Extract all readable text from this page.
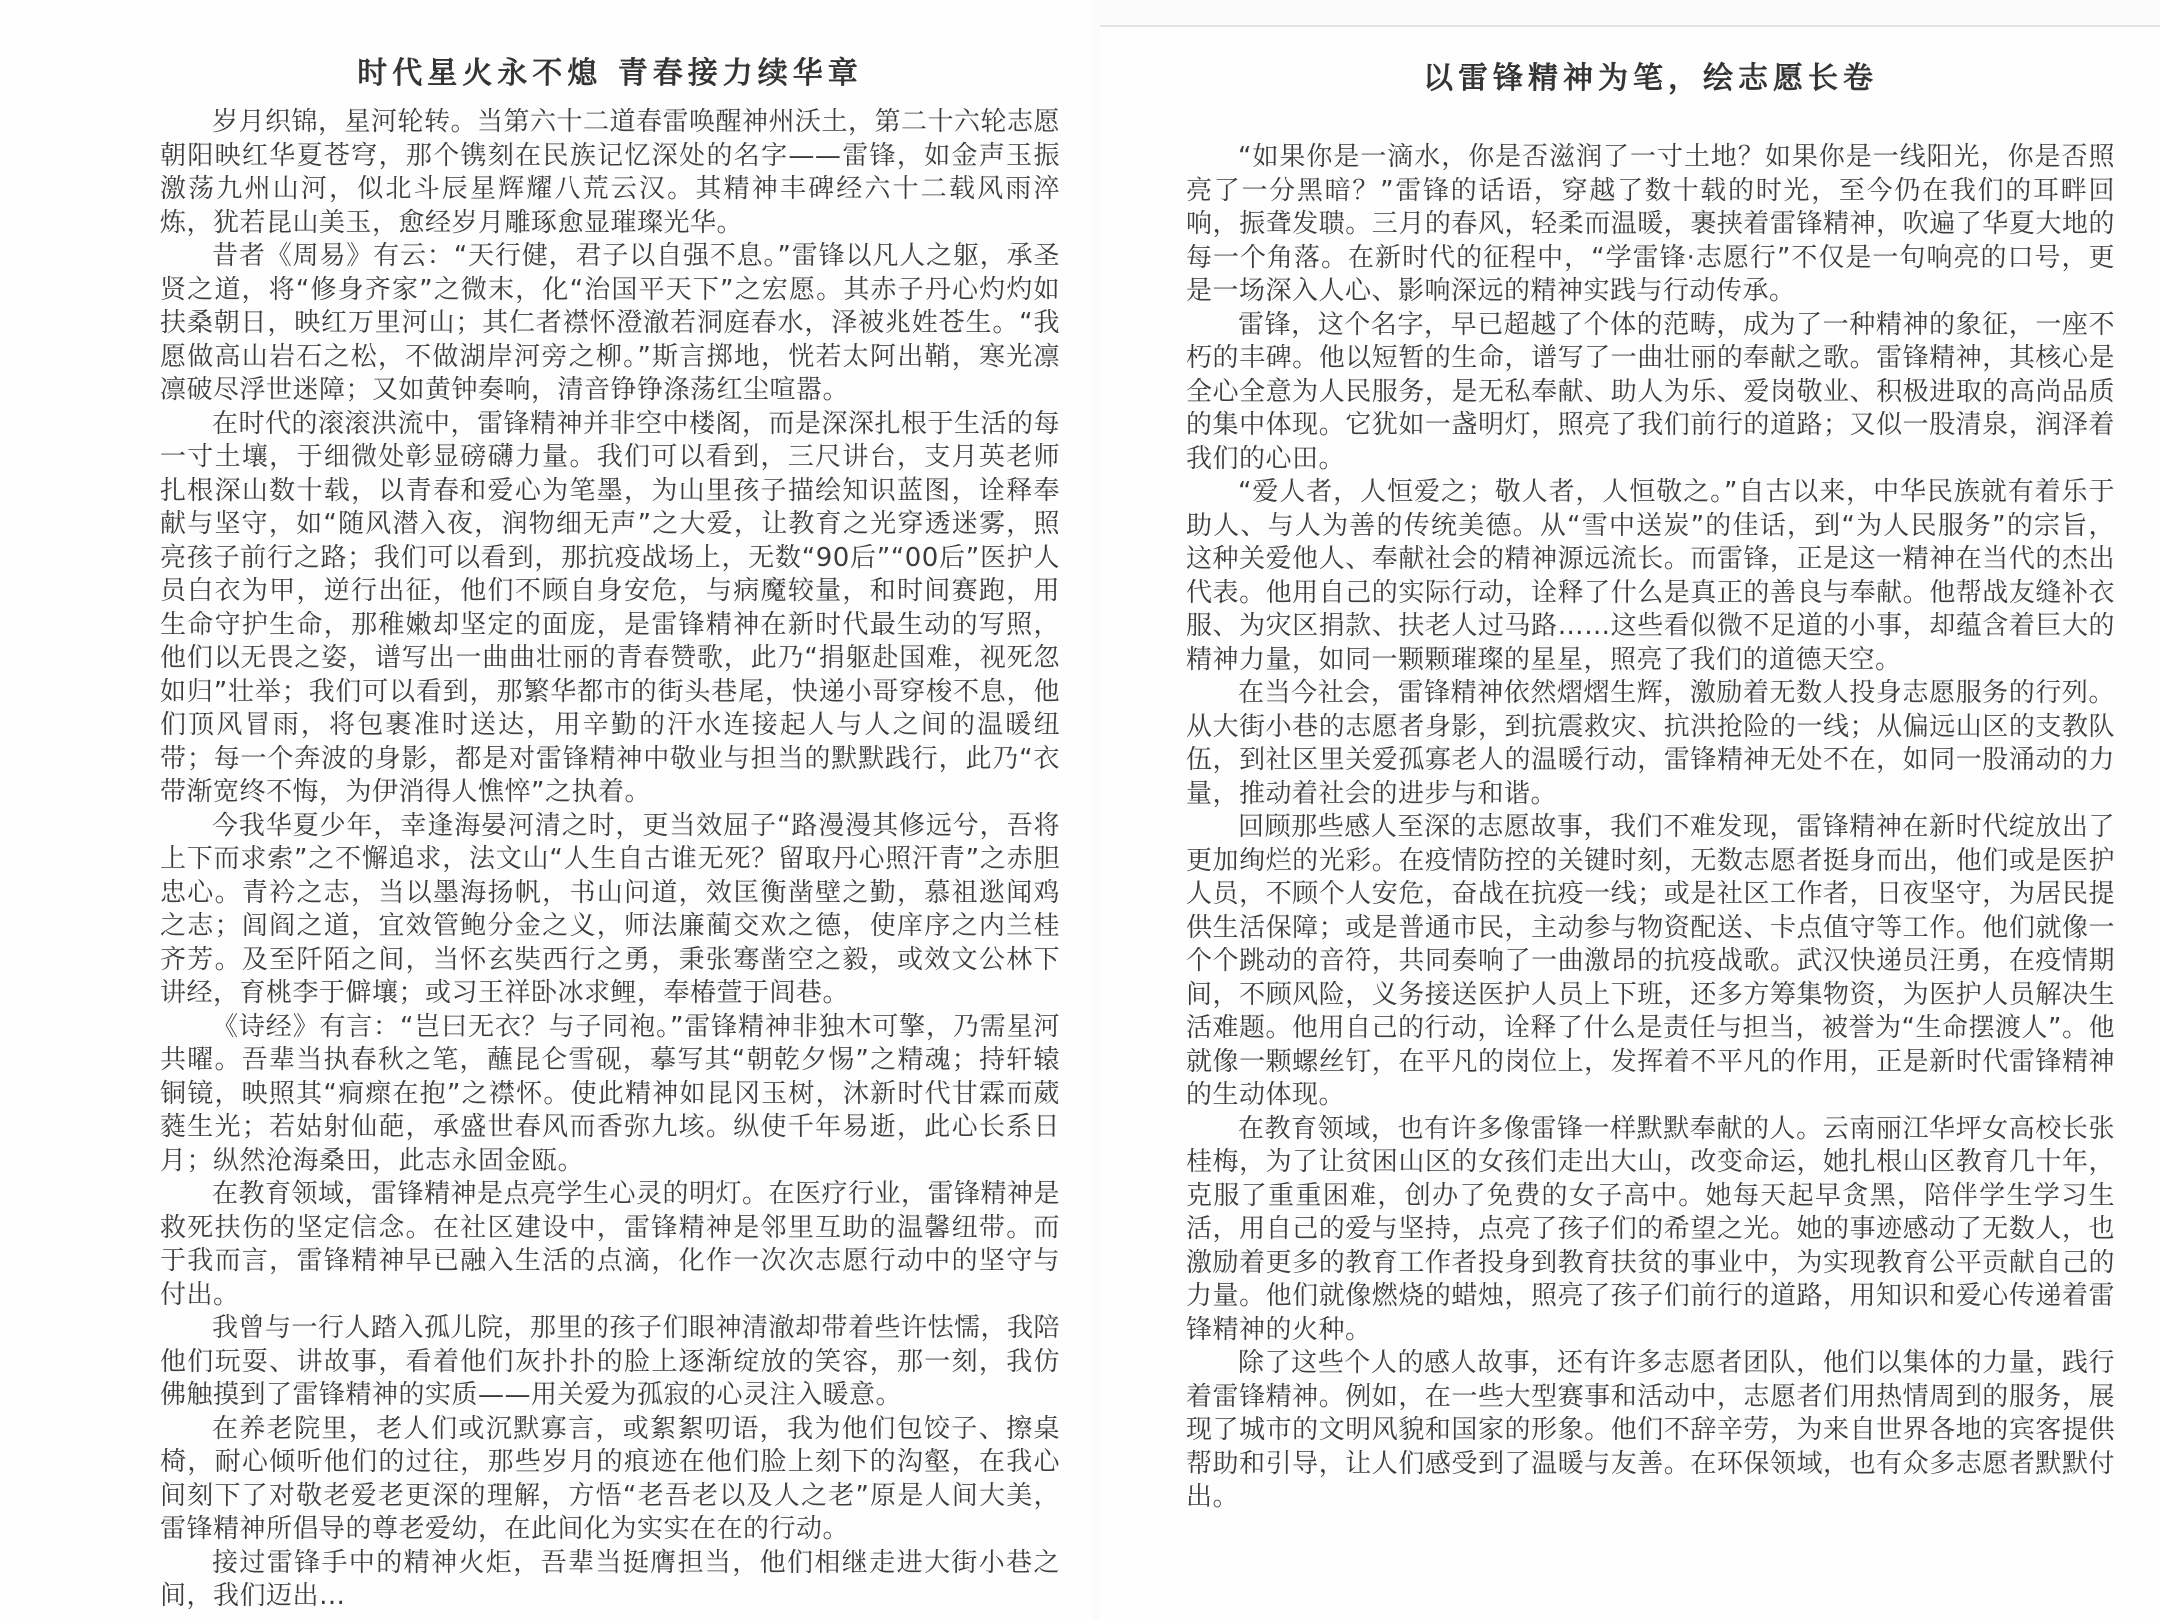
时代星火永不熄 青春接力续华章

岁月织锦，星河轮转。当第六十二道春雷唤醒神州沃土，第二十六轮志愿朝阳映红华夏苍穹，那个镌刻在民族记忆深处的名字——雷锋，如金声玉振激荡九州山河，似北斗辰星辉耀八荒云汉。其精神丰碑经六十二载风雨淬炼，犹若昆山美玉，愈经岁月雕琢愈显璀璨光华。

昔者《周易》有云：“天行健，君子以自强不息。”雷锋以凡人之躯，承圣贤之道，将“修身齐家”之微末，化“治国平天下”之宏愿。其赤子丹心灼灼如扶桑朝日，映红万里河山；其仁者襟怀澄澈若洞庭春水，泽被兆姓苍生。“我愿做高山岩石之松，不做湖岸河旁之柳。”斯言掷地，恍若太阿出鞘，寒光凛凛破尽浮世迷障；又如黄钟奏响，清音铮铮涤荡红尘喧嚣。

在时代的滚滚洪流中，雷锋精神并非空中楼阁，而是深深扎根于生活的每一寸土壤，于细微处彰显磅礴力量。我们可以看到，三尺讲台，支月英老师扎根深山数十载，以青春和爱心为笔墨，为山里孩子描绘知识蓝图，诠释奉献与坚守，如“随风潜入夜，润物细无声”之大爱，让教育之光穿透迷雾，照亮孩子前行之路；我们可以看到，那抗疫战场上，无数“90后”“00后”医护人员白衣为甲，逆行出征，他们不顾自身安危，与病魔较量，和时间赛跑，用生命守护生命，那稚嫩却坚定的面庞，是雷锋精神在新时代最生动的写照，他们以无畏之姿，谱写出一曲曲壮丽的青春赞歌，此乃“捐躯赴国难，视死忽如归”壮举；我们可以看到，那繁华都市的街头巷尾，快递小哥穿梭不息，他们顶风冒雨，将包裹准时送达，用辛勤的汗水连接起人与人之间的温暖纽带；每一个奔波的身影，都是对雷锋精神中敬业与担当的默默践行，此乃“衣带渐宽终不悔，为伊消得人憔悴”之执着。

今我华夏少年，幸逢海晏河清之时，更当效屈子“路漫漫其修远兮，吾将上下而求索”之不懈追求，法文山“人生自古谁无死？留取丹心照汗青”之赤胆忠心。青衿之志，当以墨海扬帆，书山问道，效匡衡凿壁之勤，慕祖逖闻鸡之志；闾阎之道，宜效管鲍分金之义，师法廉蔺交欢之德，使庠序之内兰桂齐芳。及至阡陌之间，当怀玄奘西行之勇，秉张骞凿空之毅，或效文公林下讲经，育桃李于僻壤；或习王祥卧冰求鲤，奉椿萱于闾巷。

《诗经》有言：“岂曰无衣？与子同袍。”雷锋精神非独木可擎，乃需星河共曜。吾辈当执春秋之笔，蘸昆仑雪砚，摹写其“朝乾夕惕”之精魂；持轩辕铜镜，映照其“痌瘝在抱”之襟怀。使此精神如昆冈玉树，沐新时代甘霖而葳蕤生光；若姑射仙葩，承盛世春风而香弥九垓。纵使千年易逝，此心长系日月；纵然沧海桑田，此志永固金瓯。

在教育领域，雷锋精神是点亮学生心灵的明灯。在医疗行业，雷锋精神是救死扶伤的坚定信念。在社区建设中，雷锋精神是邻里互助的温馨纽带。而于我而言，雷锋精神早已融入生活的点滴，化作一次次志愿行动中的坚守与付出。

我曾与一行人踏入孤儿院，那里的孩子们眼神清澈却带着些许怯懦，我陪他们玩耍、讲故事，看着他们灰扑扑的脸上逐渐绽放的笑容，那一刻，我仿佛触摸到了雷锋精神的实质——用关爱为孤寂的心灵注入暖意。

在养老院里，老人们或沉默寡言，或絮絮叨语，我为他们包饺子、擦桌椅，耐心倾听他们的过往，那些岁月的痕迹在他们脸上刻下的沟壑，在我心间刻下了对敬老爱老更深的理解，方悟“老吾老以及人之老”原是人间大美，雷锋精神所倡导的尊老爱幼，在此间化为实实在在的行动。

接过雷锋手中的精神火炬，吾辈当挺膺担当，他们相继走进大街小巷之间，我们迈出…

以雷锋精神为笔，绘志愿长卷

“如果你是一滴水，你是否滋润了一寸土地？如果你是一线阳光，你是否照亮了一分黑暗？”雷锋的话语，穿越了数十载的时光，至今仍在我们的耳畔回响，振聋发聩。三月的春风，轻柔而温暖，裹挟着雷锋精神，吹遍了华夏大地的每一个角落。在新时代的征程中，“学雷锋·志愿行”不仅是一句响亮的口号，更是一场深入人心、影响深远的精神实践与行动传承。

雷锋，这个名字，早已超越了个体的范畴，成为了一种精神的象征，一座不朽的丰碑。他以短暂的生命，谱写了一曲壮丽的奉献之歌。雷锋精神，其核心是全心全意为人民服务，是无私奉献、助人为乐、爱岗敬业、积极进取的高尚品质的集中体现。它犹如一盏明灯，照亮了我们前行的道路；又似一股清泉，润泽着我们的心田。

“爱人者，人恒爱之；敬人者，人恒敬之。”自古以来，中华民族就有着乐于助人、与人为善的传统美德。从“雪中送炭”的佳话，到“为人民服务”的宗旨，这种关爱他人、奉献社会的精神源远流长。而雷锋，正是这一精神在当代的杰出代表。他用自己的实际行动，诠释了什么是真正的善良与奉献。他帮战友缝补衣服、为灾区捐款、扶老人过马路……这些看似微不足道的小事，却蕴含着巨大的精神力量，如同一颗颗璀璨的星星，照亮了我们的道德天空。

在当今社会，雷锋精神依然熠熠生辉，激励着无数人投身志愿服务的行列。从大街小巷的志愿者身影，到抗震救灾、抗洪抢险的一线；从偏远山区的支教队伍，到社区里关爱孤寡老人的温暖行动，雷锋精神无处不在，如同一股涌动的力量，推动着社会的进步与和谐。

回顾那些感人至深的志愿故事，我们不难发现，雷锋精神在新时代绽放出了更加绚烂的光彩。在疫情防控的关键时刻，无数志愿者挺身而出，他们或是医护人员，不顾个人安危，奋战在抗疫一线；或是社区工作者，日夜坚守，为居民提供生活保障；或是普通市民，主动参与物资配送、卡点值守等工作。他们就像一个个跳动的音符，共同奏响了一曲激昂的抗疫战歌。武汉快递员汪勇，在疫情期间，不顾风险，义务接送医护人员上下班，还多方筹集物资，为医护人员解决生活难题。他用自己的行动，诠释了什么是责任与担当，被誉为“生命摆渡人”。他就像一颗螺丝钉，在平凡的岗位上，发挥着不平凡的作用，正是新时代雷锋精神的生动体现。

在教育领域，也有许多像雷锋一样默默奉献的人。云南丽江华坪女高校长张桂梅，为了让贫困山区的女孩们走出大山，改变命运，她扎根山区教育几十年，克服了重重困难，创办了免费的女子高中。她每天起早贪黑，陪伴学生学习生活，用自己的爱与坚持，点亮了孩子们的希望之光。她的事迹感动了无数人，也激励着更多的教育工作者投身到教育扶贫的事业中，为实现教育公平贡献自己的力量。他们就像燃烧的蜡烛，照亮了孩子们前行的道路，用知识和爱心传递着雷锋精神的火种。

除了这些个人的感人故事，还有许多志愿者团队，他们以集体的力量，践行着雷锋精神。例如，在一些大型赛事和活动中，志愿者们用热情周到的服务，展现了城市的文明风貌和国家的形象。他们不辞辛劳，为来自世界各地的宾客提供帮助和引导，让人们感受到了温暖与友善。在环保领域，也有众多志愿者默默付出。
